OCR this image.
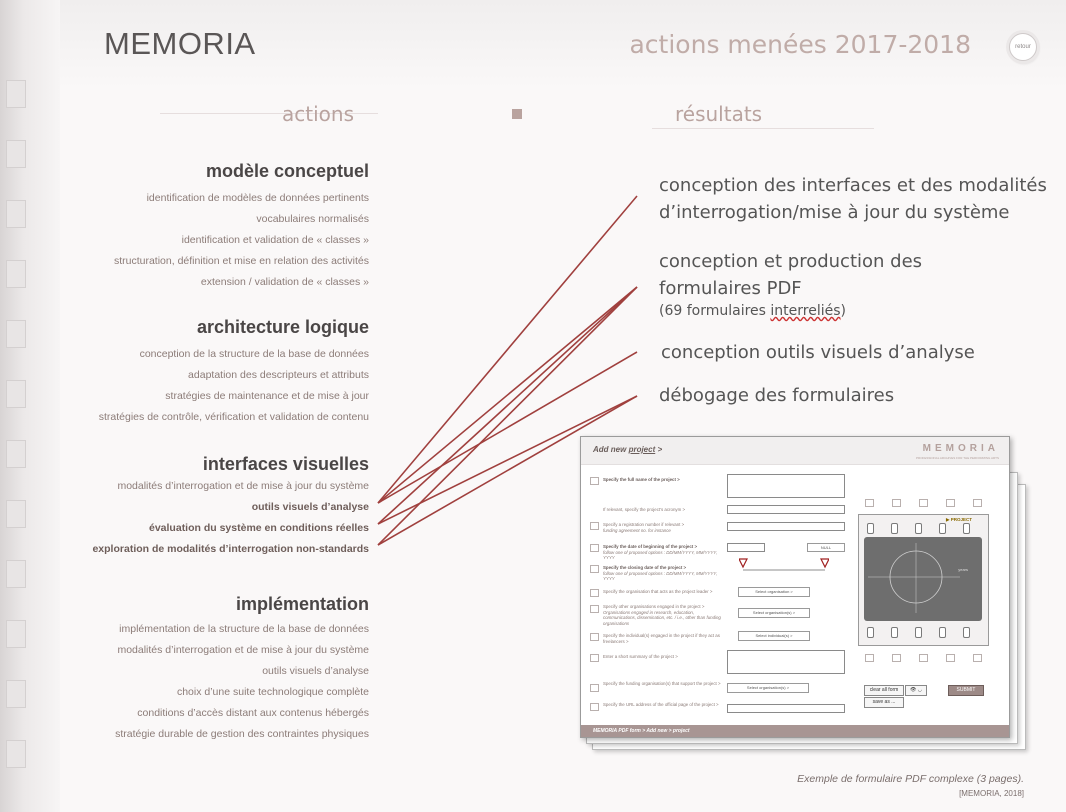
MEMORIA	actions menées 2017-2018	retour
actions	résultats
modèle conceptuel
identification de modèles de données pertinents
vocabulaires normalisés
identification et validation de « classes »
structuration, définition et mise en relation des activités
extension / validation de « classes »
architecture logique
conception de la structure de la base de données
adaptation des descripteurs et attributs
stratégies de maintenance et de mise à jour
stratégies de contrôle, vérification et validation de contenu
interfaces visuelles
modalités d’interrogation et de mise à jour du système
outils visuels d’analyse
évaluation du système en conditions réelles
exploration de modalités d’interrogation non-standards
implémentation
implémentation de la structure de la base de données
modalités d’interrogation et de mise à jour du système
outils visuels d’analyse
choix d’une suite technologique complète
conditions d’accès distant aux contenus hébergés
stratégie durable de gestion des contraintes physiques
conception des interfaces et des modalités d’interrogation/mise à jour du système
conception et production des formulaires PDF
(69 formulaires interreliés)
conception outils visuels d’analyse
débogage des formulaires
Add new project >	MEMORIA
PROFESSIONAL ARCHIVES FOR THE PERFORMING ARTS
Specify the full name of the project >
If relevant, specify the project’s acronym >
Specify a registration number if relevant >
funding agreement no. for instance
Specify the date of beginning of the project >
follow one of proposed options : DD/MM/YYYY, MM/YYYY, YYYY
NULL
Specify the closing date of the project >
follow one of proposed options : DD/MM/YYYY, MM/YYYY, YYYY
Specify the organisation that acts as the project leader >	Select organisation >
Specify other organisations engaged in the project >
Organisations engaged in research, education, communications, dissemination, etc. / i.e., other than funding organisations
Select organisation(s) >
Specify the individual(s) engaged in the project if they act as freelancers >
Select individual(s) >
Enter a short summary of the project >
Specify the funding organisation(s) that support the project >
Select organisation(s) >
Specify the URL address of the official page of the project >
▶ PROJECT
years
clear all form	👁 ◡	SUBMIT
save as ...
MEMORIA PDF form > Add new > project
Exemple de formulaire PDF complexe (3 pages).
[MEMORIA, 2018]
